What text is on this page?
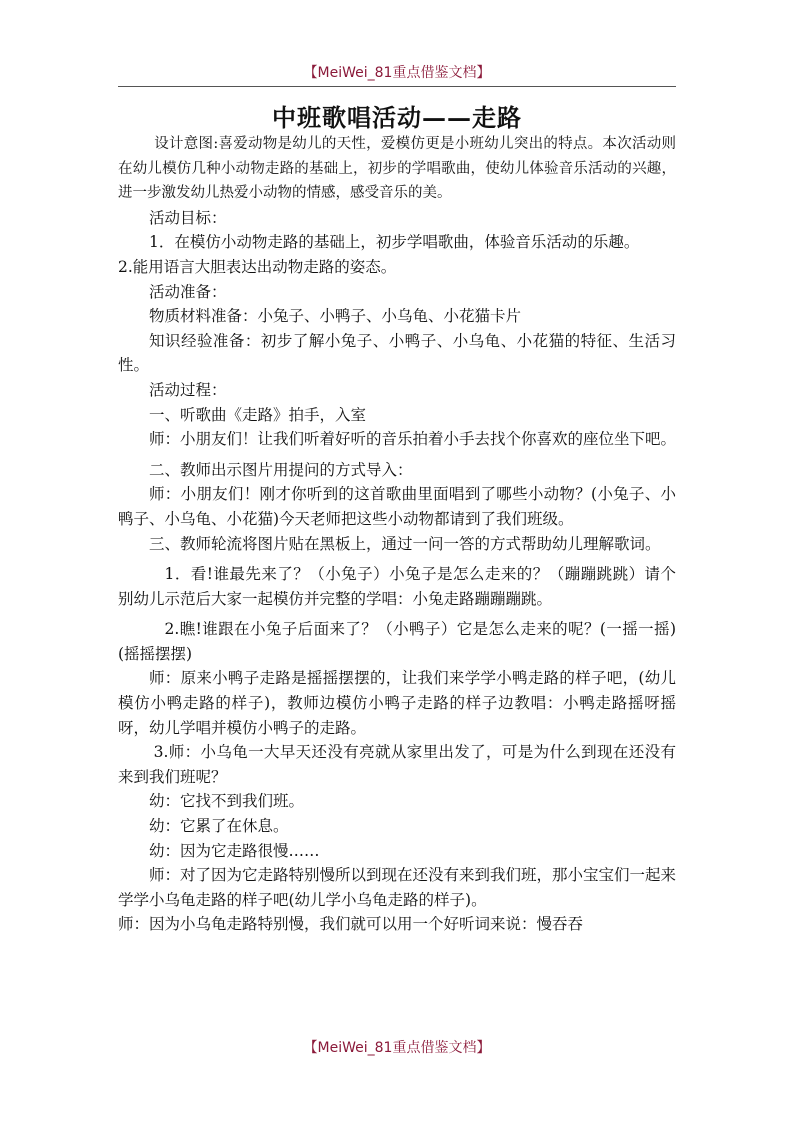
【MeiWei_81重点借鉴文档】
中班歌唱活动——走路

设计意图:喜爱动物是幼儿的天性，爱模仿更是小班幼儿突出的特点。本次活动则在幼儿模仿几种小动物走路的基础上，初步的学唱歌曲，使幼儿体验音乐活动的兴趣，进一步激发幼儿热爱小动物的情感，感受音乐的美。

活动目标：

1．在模仿小动物走路的基础上，初步学唱歌曲，体验音乐活动的乐趣。

2.能用语言大胆表达出动物走路的姿态。

活动准备：

物质材料准备：小兔子、小鸭子、小乌龟、小花猫卡片

知识经验准备：初步了解小兔子、小鸭子、小乌龟、小花猫的特征、生活习性。

活动过程：

一、听歌曲《走路》拍手，入室

师：小朋友们！让我们听着好听的音乐拍着小手去找个你喜欢的座位坐下吧。

二、教师出示图片用提问的方式导入：

师：小朋友们！刚才你听到的这首歌曲里面唱到了哪些小动物？(小兔子、小鸭子、小乌龟、小花猫)今天老师把这些小动物都请到了我们班级。

三、教师轮流将图片贴在黑板上，通过一问一答的方式帮助幼儿理解歌词。

1．看!谁最先来了？（小兔子）小兔子是怎么走来的？（蹦蹦跳跳）请个别幼儿示范后大家一起模仿并完整的学唱：小兔走路蹦蹦蹦跳。

2.瞧!谁跟在小兔子后面来了？（小鸭子）它是怎么走来的呢？(一摇一摇)(摇摇摆摆)

师：原来小鸭子走路是摇摇摆摆的，让我们来学学小鸭走路的样子吧，(幼儿模仿小鸭走路的样子)，教师边模仿小鸭子走路的样子边教唱：小鸭走路摇呀摇呀，幼儿学唱并模仿小鸭子的走路。

3.师：小乌龟一大早天还没有亮就从家里出发了，可是为什么到现在还没有来到我们班呢？

幼：它找不到我们班。

幼：它累了在休息。

幼：因为它走路很慢……

师：对了因为它走路特别慢所以到现在还没有来到我们班，那小宝宝们一起来学学小乌龟走路的样子吧(幼儿学小乌龟走路的样子)。

师：因为小乌龟走路特别慢，我们就可以用一个好听词来说：慢吞吞

【MeiWei_81重点借鉴文档】
